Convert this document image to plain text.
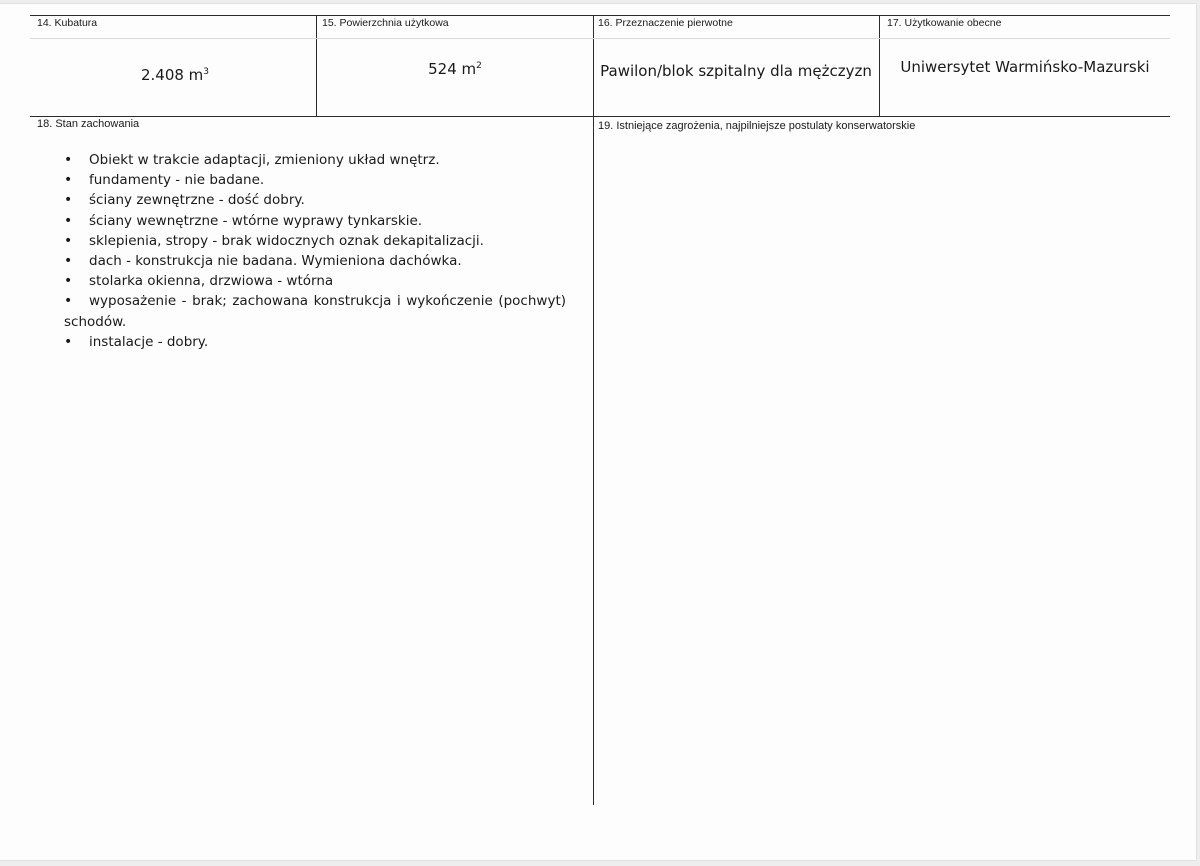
14. Kubatura
2.408 $m^3$
15. Powierzchnia użytkowa
524 $m^2$
16. Przeznaczenie pierwotne
Pawilon/blok szpitalny dla mężczyzn
17. Użytkowanie obecne
Uniwersytet Warmińsko-Mazurski
18. Stan zachowania
• Obiekt w trakcie adaptacji, zmieniony układ wnętrz.
• fundamenty - nie badane.
• ściany zewnętrzne - dość dobry.
• ściany wewnętrzne - wtórne wyprawy tynkarskie.
• sklepienia, stropy - brak widocznych oznak dekapitalizacji.
• dach - konstrukcja nie badana. Wymieniona dachówka.
• stolarka okienna, drzwiowa - wtórna
• wyposażenie - brak; zachowana konstrukcja i wykończenie (pochwyt) schodów.
• instalacje - dobry.
19. Istniejące zagrożenia, najpilniejsze postulaty konserwatorskie
